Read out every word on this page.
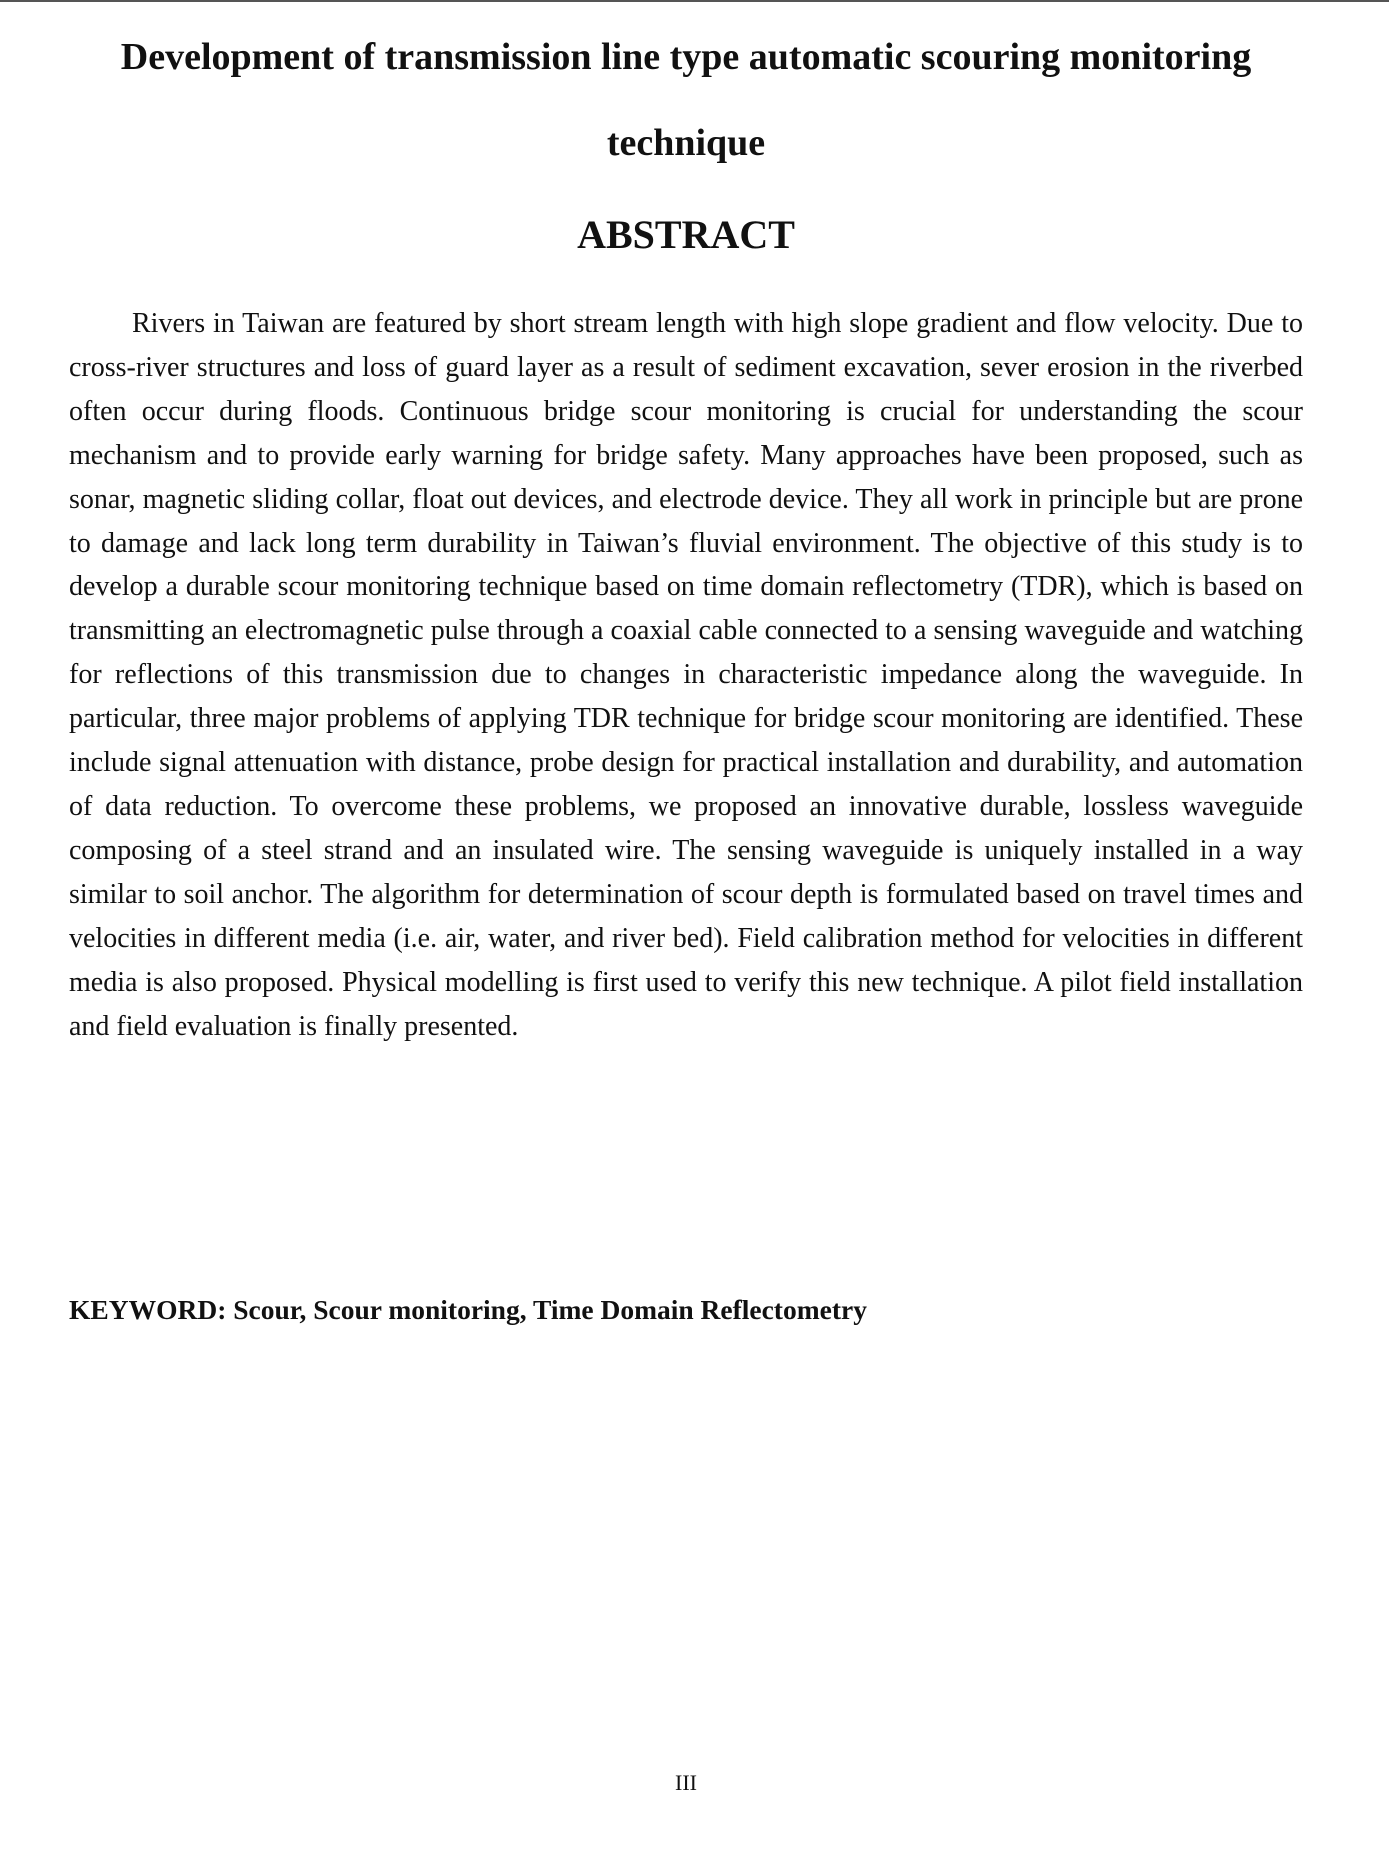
Development of transmission line type automatic scouring monitoring technique
ABSTRACT

Rivers in Taiwan are featured by short stream length with high slope gradient and flow velocity. Due to cross-river structures and loss of guard layer as a result of sediment excavation, sever erosion in the riverbed often occur during floods. Continuous bridge scour monitoring is crucial for understanding the scour mechanism and to provide early warning for bridge safety. Many approaches have been proposed, such as sonar, magnetic sliding collar, float out devices, and electrode device. They all work in principle but are prone to damage and lack long term durability in Taiwan’s fluvial environment. The objective of this study is to develop a durable scour monitoring technique based on time domain reflectometry (TDR), which is based on transmitting an electromagnetic pulse through a coaxial cable connected to a sensing waveguide and watching for reflections of this transmission due to changes in characteristic impedance along the waveguide. In particular, three major problems of applying TDR technique for bridge scour monitoring are identified. These include signal attenuation with distance, probe design for practical installation and durability, and automation of data reduction. To overcome these problems, we proposed an innovative durable, lossless waveguide composing of a steel strand and an insulated wire. The sensing waveguide is uniquely installed in a way similar to soil anchor. The algorithm for determination of scour depth is formulated based on travel times and velocities in different media (i.e. air, water, and river bed). Field calibration method for velocities in different media is also proposed. Physical modelling is first used to verify this new technique. A pilot field installation and field evaluation is finally presented.

KEYWORD: Scour, Scour monitoring, Time Domain Reflectometry

III
